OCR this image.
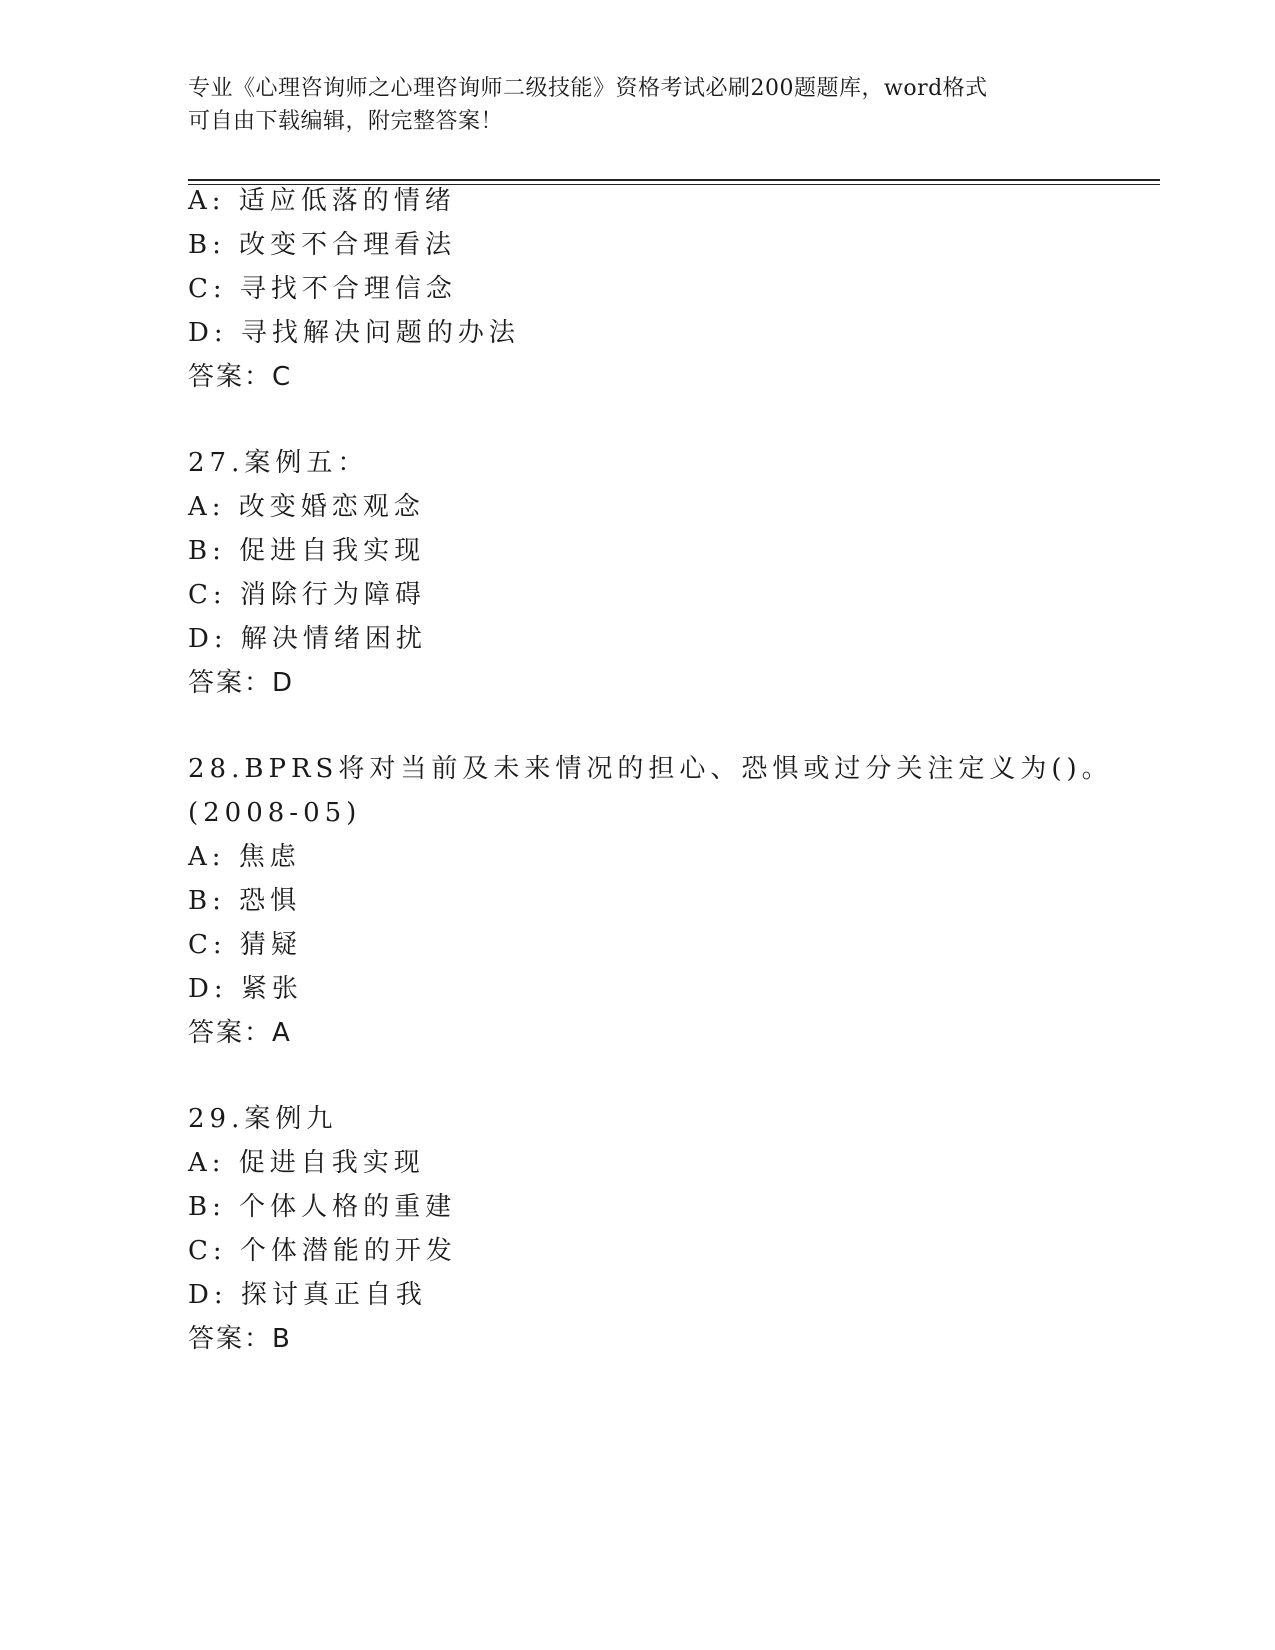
专业《心理咨询师之心理咨询师二级技能》资格考试必刷200题题库，word格式
可自由下载编辑，附完整答案！
A: 适应低落的情绪
B: 改变不合理看法
C: 寻找不合理信念
D: 寻找解决问题的办法
答案：C
27.案例五：
A: 改变婚恋观念
B: 促进自我实现
C: 消除行为障碍
D: 解决情绪困扰
答案：D
28.BPRS将对当前及未来情况的担心、恐惧或过分关注定义为()。
(2008-05)
A: 焦虑
B: 恐惧
C: 猜疑
D: 紧张
答案：A
29.案例九
A: 促进自我实现
B: 个体人格的重建
C: 个体潜能的开发
D: 探讨真正自我
答案：B
